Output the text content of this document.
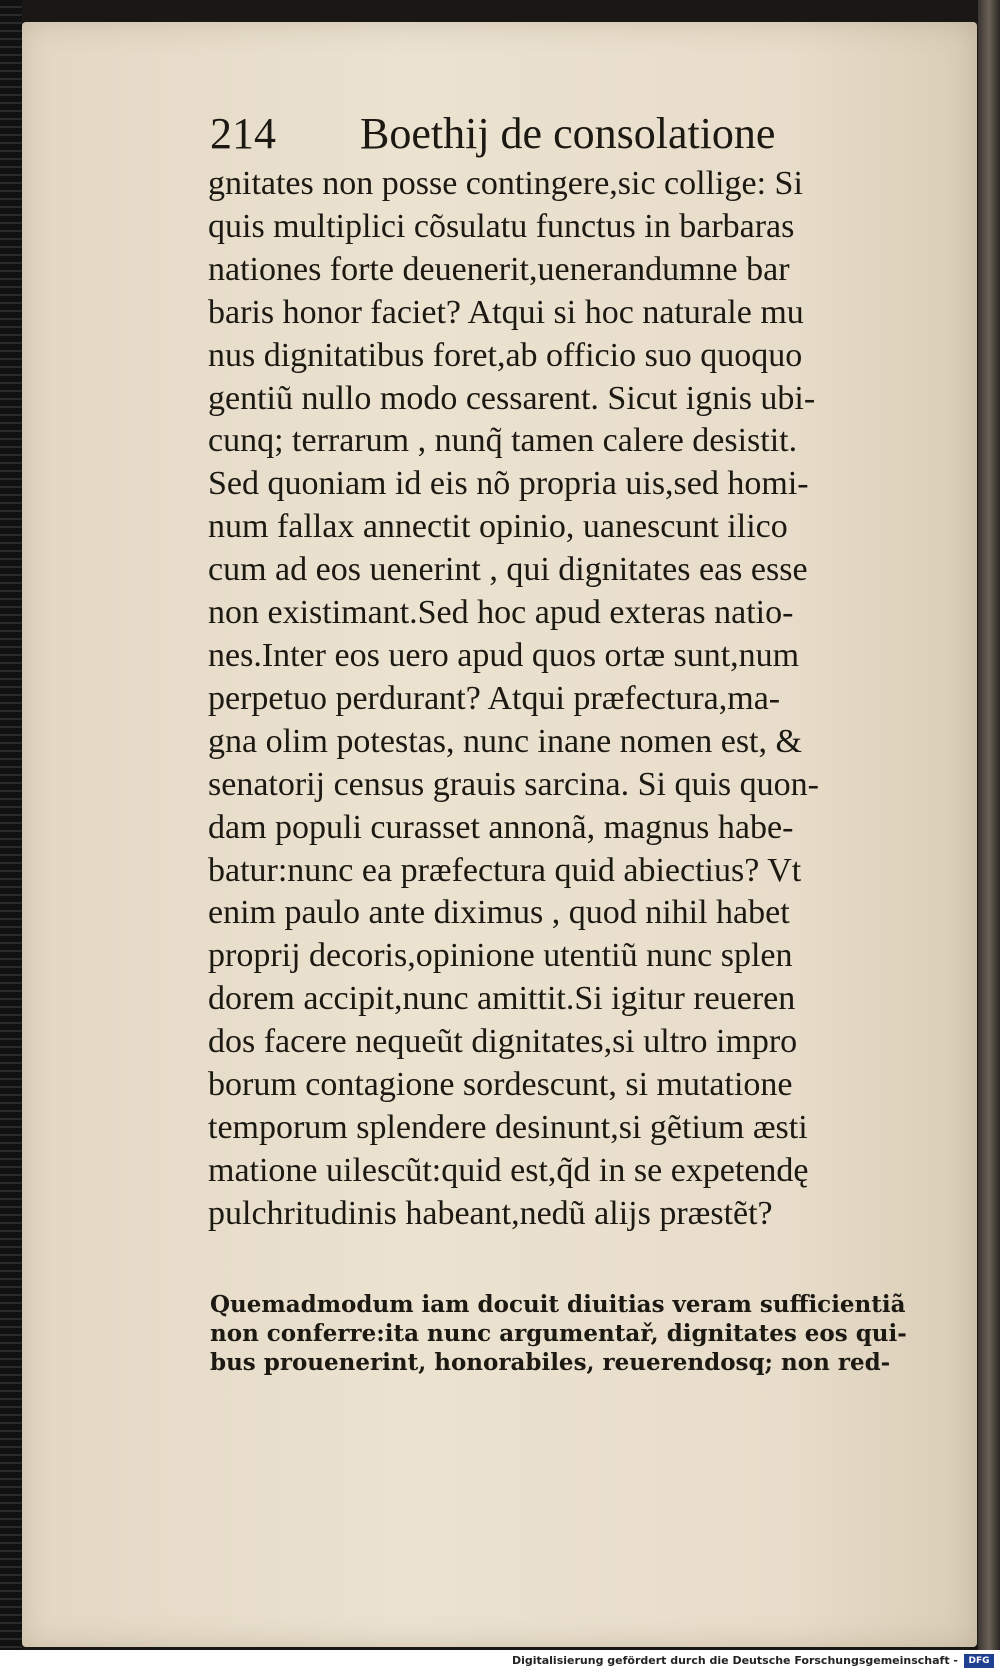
214 Boethij de consolatione
gnitates non posse contingere,sic collige: Si
quis multiplici cõsulatu functus in barbaras
nationes forte deuenerit,uenerandumne bar
baris honor faciet? Atqui si hoc naturale mu
nus dignitatibus foret,ab officio suo quoquo
gentiũ nullo modo cessarent. Sicut ignis ubi-
cunq; terrarum , nunq̃ tamen calere desistit.
Sed quoniam id eis nõ propria uis,sed homi-
num fallax annectit opinio, uanescunt ilico
cum ad eos uenerint , qui dignitates eas esse
non existimant.Sed hoc apud exteras natio-
nes.Inter eos uero apud quos ortæ sunt,num
perpetuo perdurant? Atqui præfectura,ma-
gna olim potestas, nunc inane nomen est, &
senatorij census grauis sarcina. Si quis quon-
dam populi curasset annonã, magnus habe-
batur:nunc ea præfectura quid abiectius? Vt
enim paulo ante diximus , quod nihil habet
proprij decoris,opinione utentiũ nunc splen
dorem accipit,nunc amittit.Si igitur reueren
dos facere nequeũt dignitates,si ultro impro
borum contagione sordescunt, si mutatione
temporum splendere desinunt,si gẽtium æsti
matione uilescũt:quid est,q̃d in se expetendę
pulchritudinis habeant,nedũ alijs præstẽt?
Quemadmodum iam docuit diuitias veram sufficientiã
non conferre:ita nunc argumentař, dignitates eos qui-
bus prouenerint, honorabiles, reuerendosq; non red-
Digitalisierung gefördert durch die Deutsche Forschungsgemeinschaft -	DFG
